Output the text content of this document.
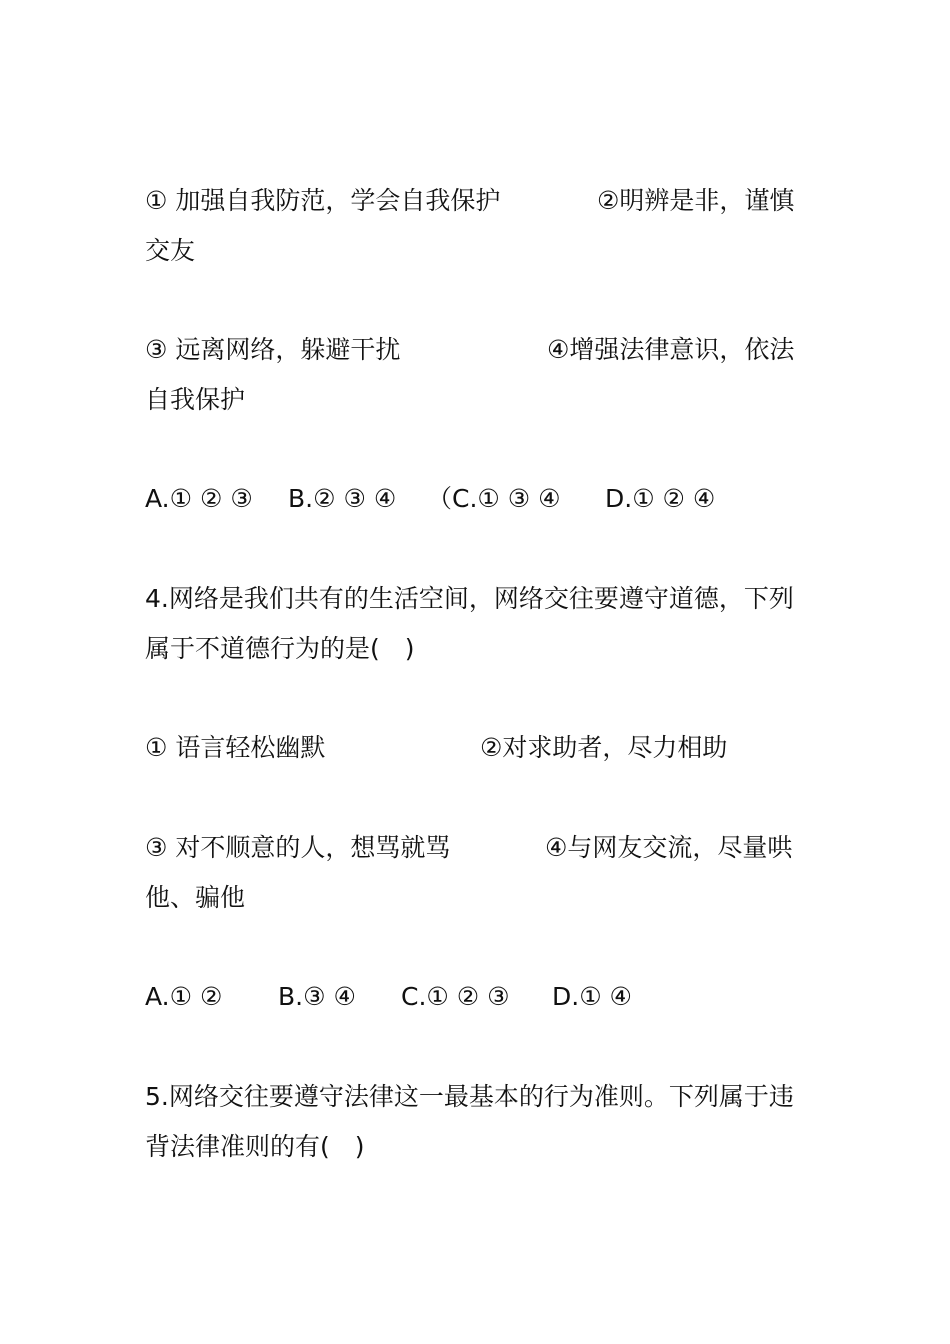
① 加强自我防范，学会自我保护	②明辨是非，谨慎
交友
③ 远离网络，躲避干扰	④增强法律意识，依法
自我保护
A.① ② ③ B.② ③ ④ （C.① ③ ④ D.① ② ④
4.网络是我们共有的生活空间，网络交往要遵守道德，下列
属于不道德行为的是(　)
① 语言轻松幽默	②对求助者，尽力相助
③ 对不顺意的人，想骂就骂	④与网友交流，尽量哄
他、骗他
A.① ② B.③ ④ C.① ② ③ D.① ④
5.网络交往要遵守法律这一最基本的行为准则。下列属于违
背法律准则的有(　)
